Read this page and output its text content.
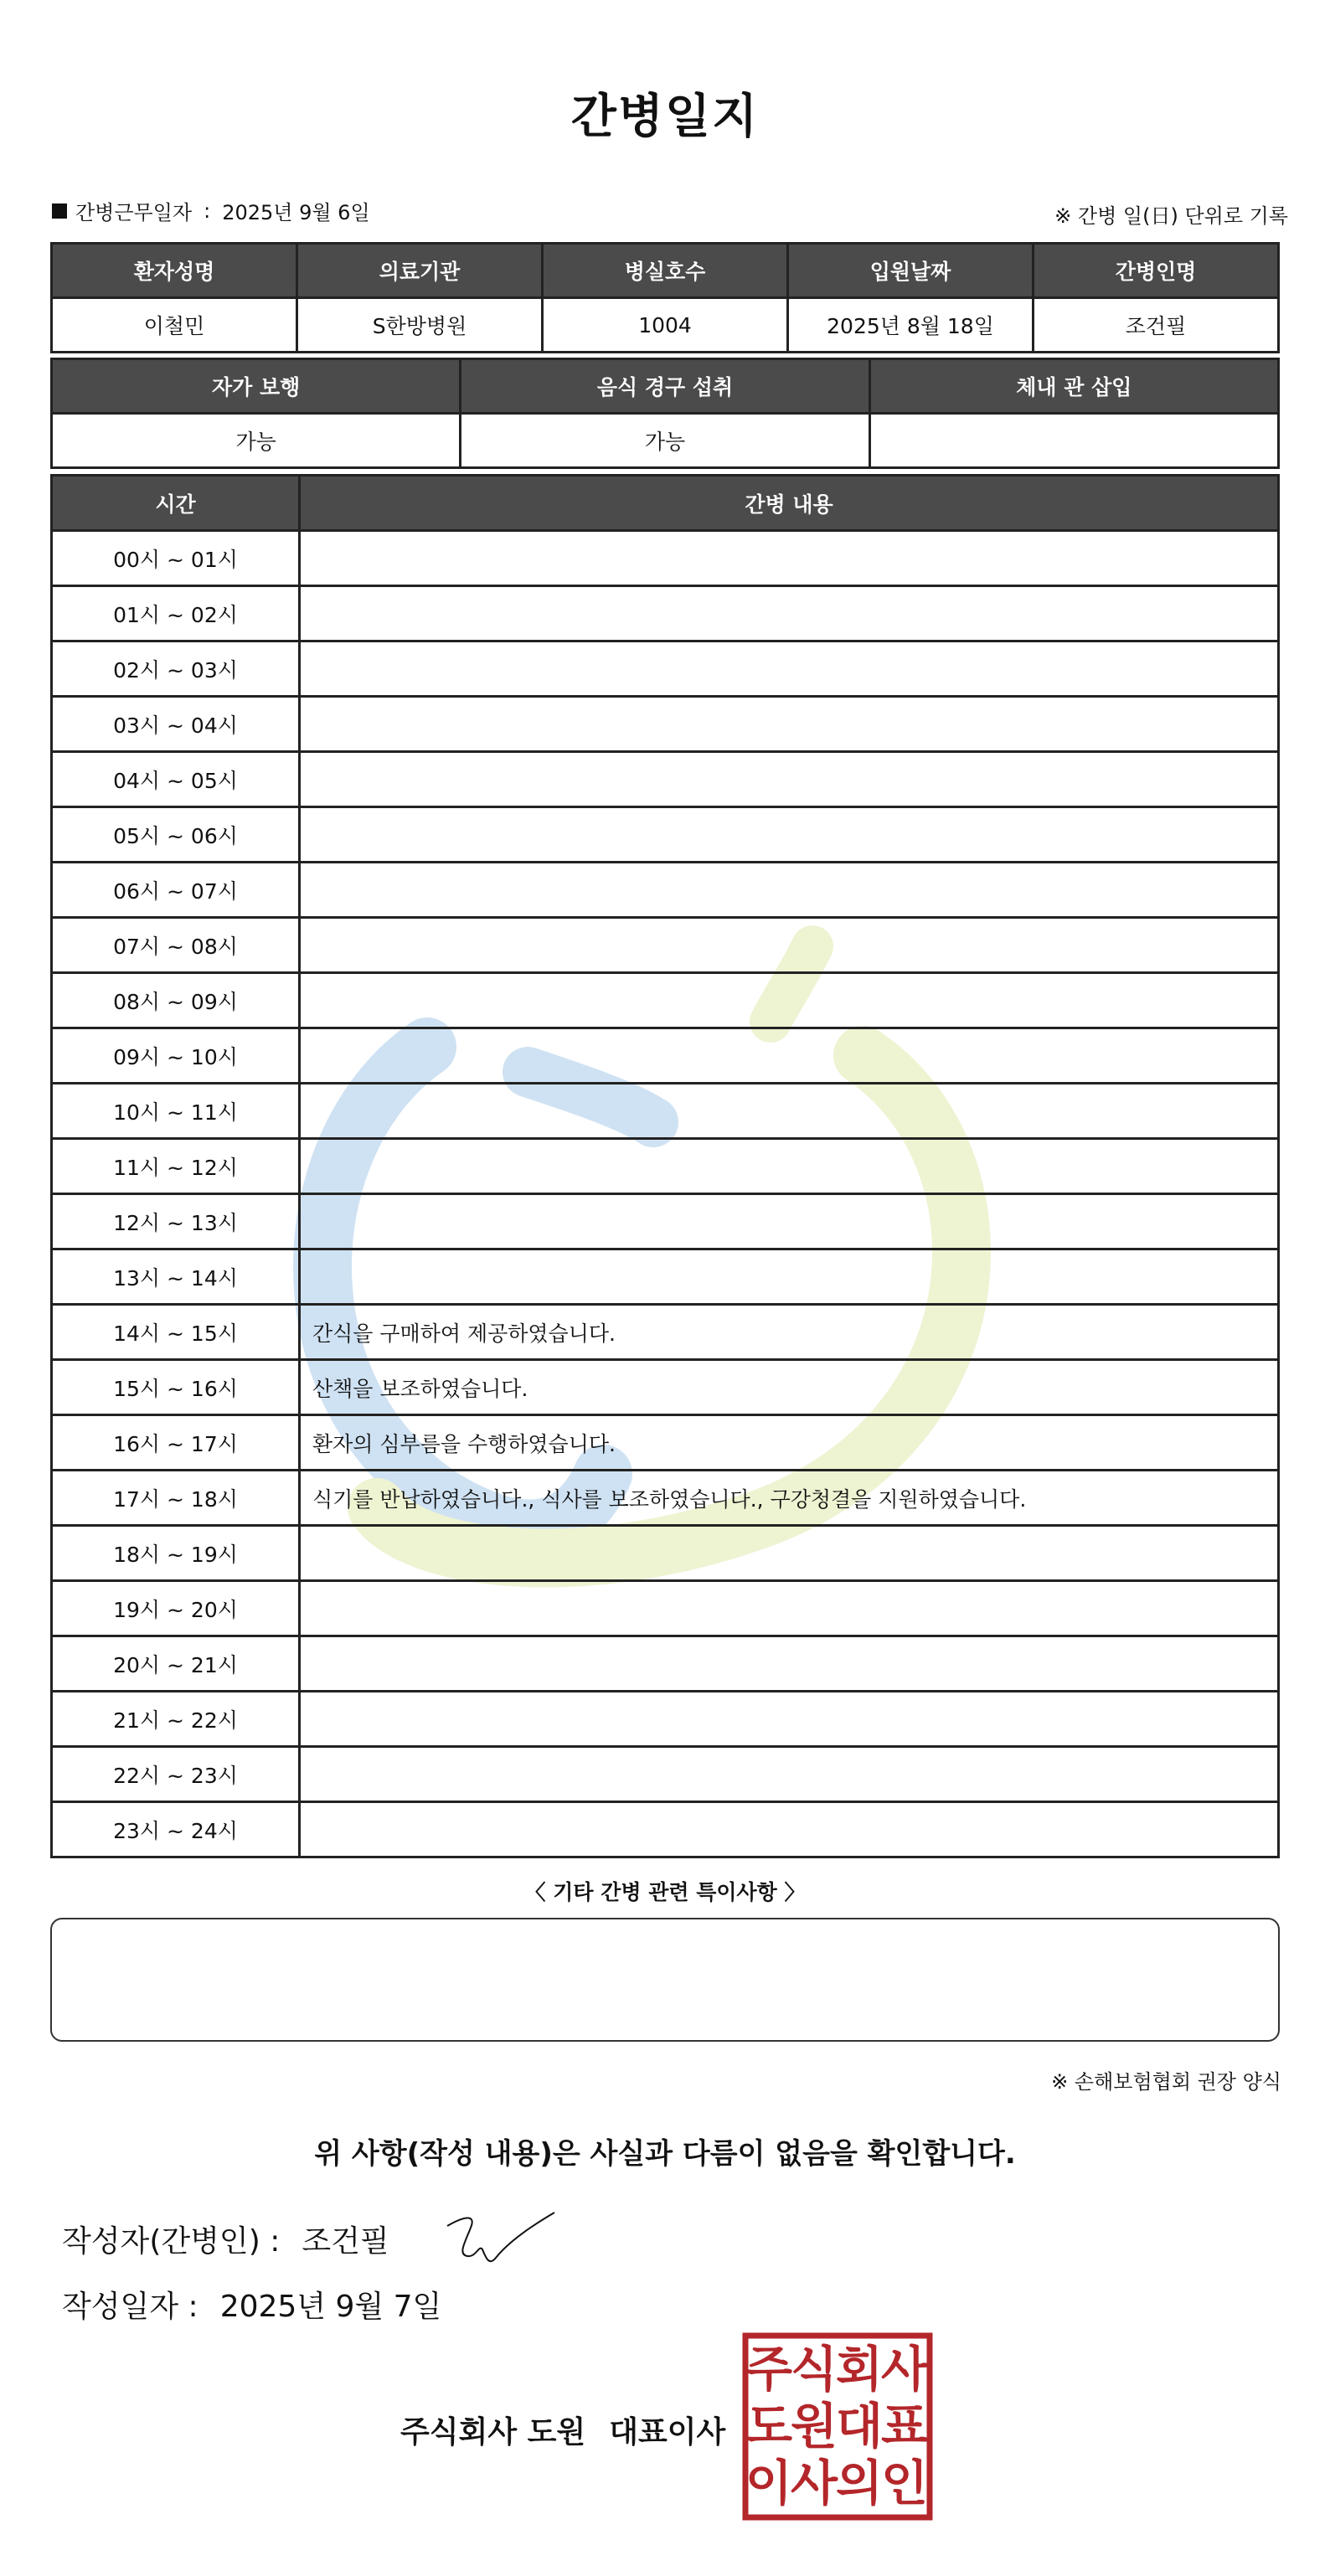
간병일지
간병근무일자 : 2025년 9월 6일	※ 간병 일(日) 단위로 기록
환자성명	의료기관	병실호수	입원날짜	간병인명
이철민	S한방병원	1004	2025년 8월 18일	조건필
자가 보행	음식 경구 섭취	체내 관 삽입
가능	가능	
시간	간병 내용
00시 ~ 01시	
01시 ~ 02시	
02시 ~ 03시	
03시 ~ 04시	
04시 ~ 05시	
05시 ~ 06시	
06시 ~ 07시	
07시 ~ 08시	
08시 ~ 09시	
09시 ~ 10시	
10시 ~ 11시	
11시 ~ 12시	
12시 ~ 13시	
13시 ~ 14시	
14시 ~ 15시	간식을 구매하여 제공하였습니다.
15시 ~ 16시	산책을 보조하였습니다.
16시 ~ 17시	환자의 심부름을 수행하였습니다.
17시 ~ 18시	식기를 반납하였습니다., 식사를 보조하였습니다., 구강청결을 지원하였습니다.
18시 ~ 19시	
19시 ~ 20시	
20시 ~ 21시	
21시 ~ 22시	
22시 ~ 23시	
23시 ~ 24시	
〈 기타 간병 관련 특이사항 〉
※ 손해보험협회 권장 양식
위 사항(작성 내용)은 사실과 다름이 없음을 확인합니다.
작성자(간병인) : 조건필
작성일자 : 2025년 9월 7일
주식회사 도원 대표이사
주
식
회
사
도
원
대
표
이
사
의
인
